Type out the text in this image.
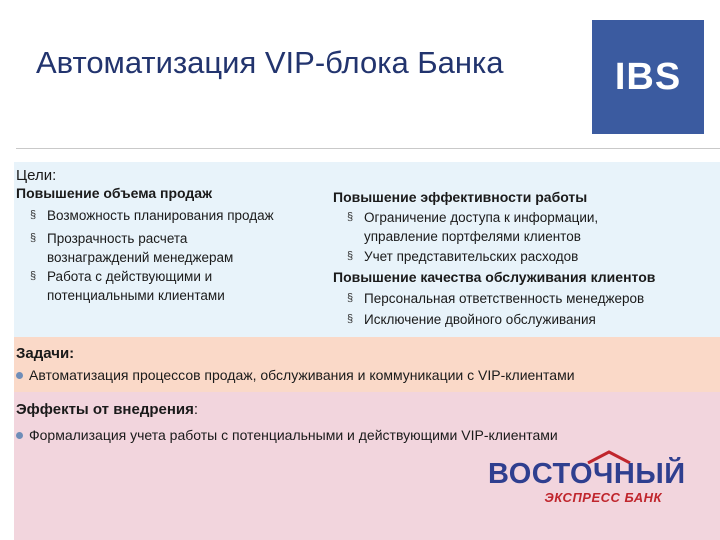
Автоматизация VIP-блока Банка	IBS
Цели:
Повышение объема продаж
§ Возможность планирования продаж
§ Прозрачность расчета
вознаграждений менеджерам
§ Работа с действующими и
потенциальными клиентами
Повышение эффективности работы
§ Ограничение доступа к информации,
управление портфелями клиентов
§ Учет представительских расходов
Повышение качества обслуживания клиентов
§ Персональная ответственность менеджеров
§ Исключение двойного обслуживания
Задачи:
Автоматизация процессов продаж, обслуживания и коммуникации с VIP-клиентами
Эффекты от внедрения:
Формализация учета работы с потенциальными и действующими VIP-клиентами
ВОСТОЧНЫЙ
ЭКСПРЕСС БАНК
